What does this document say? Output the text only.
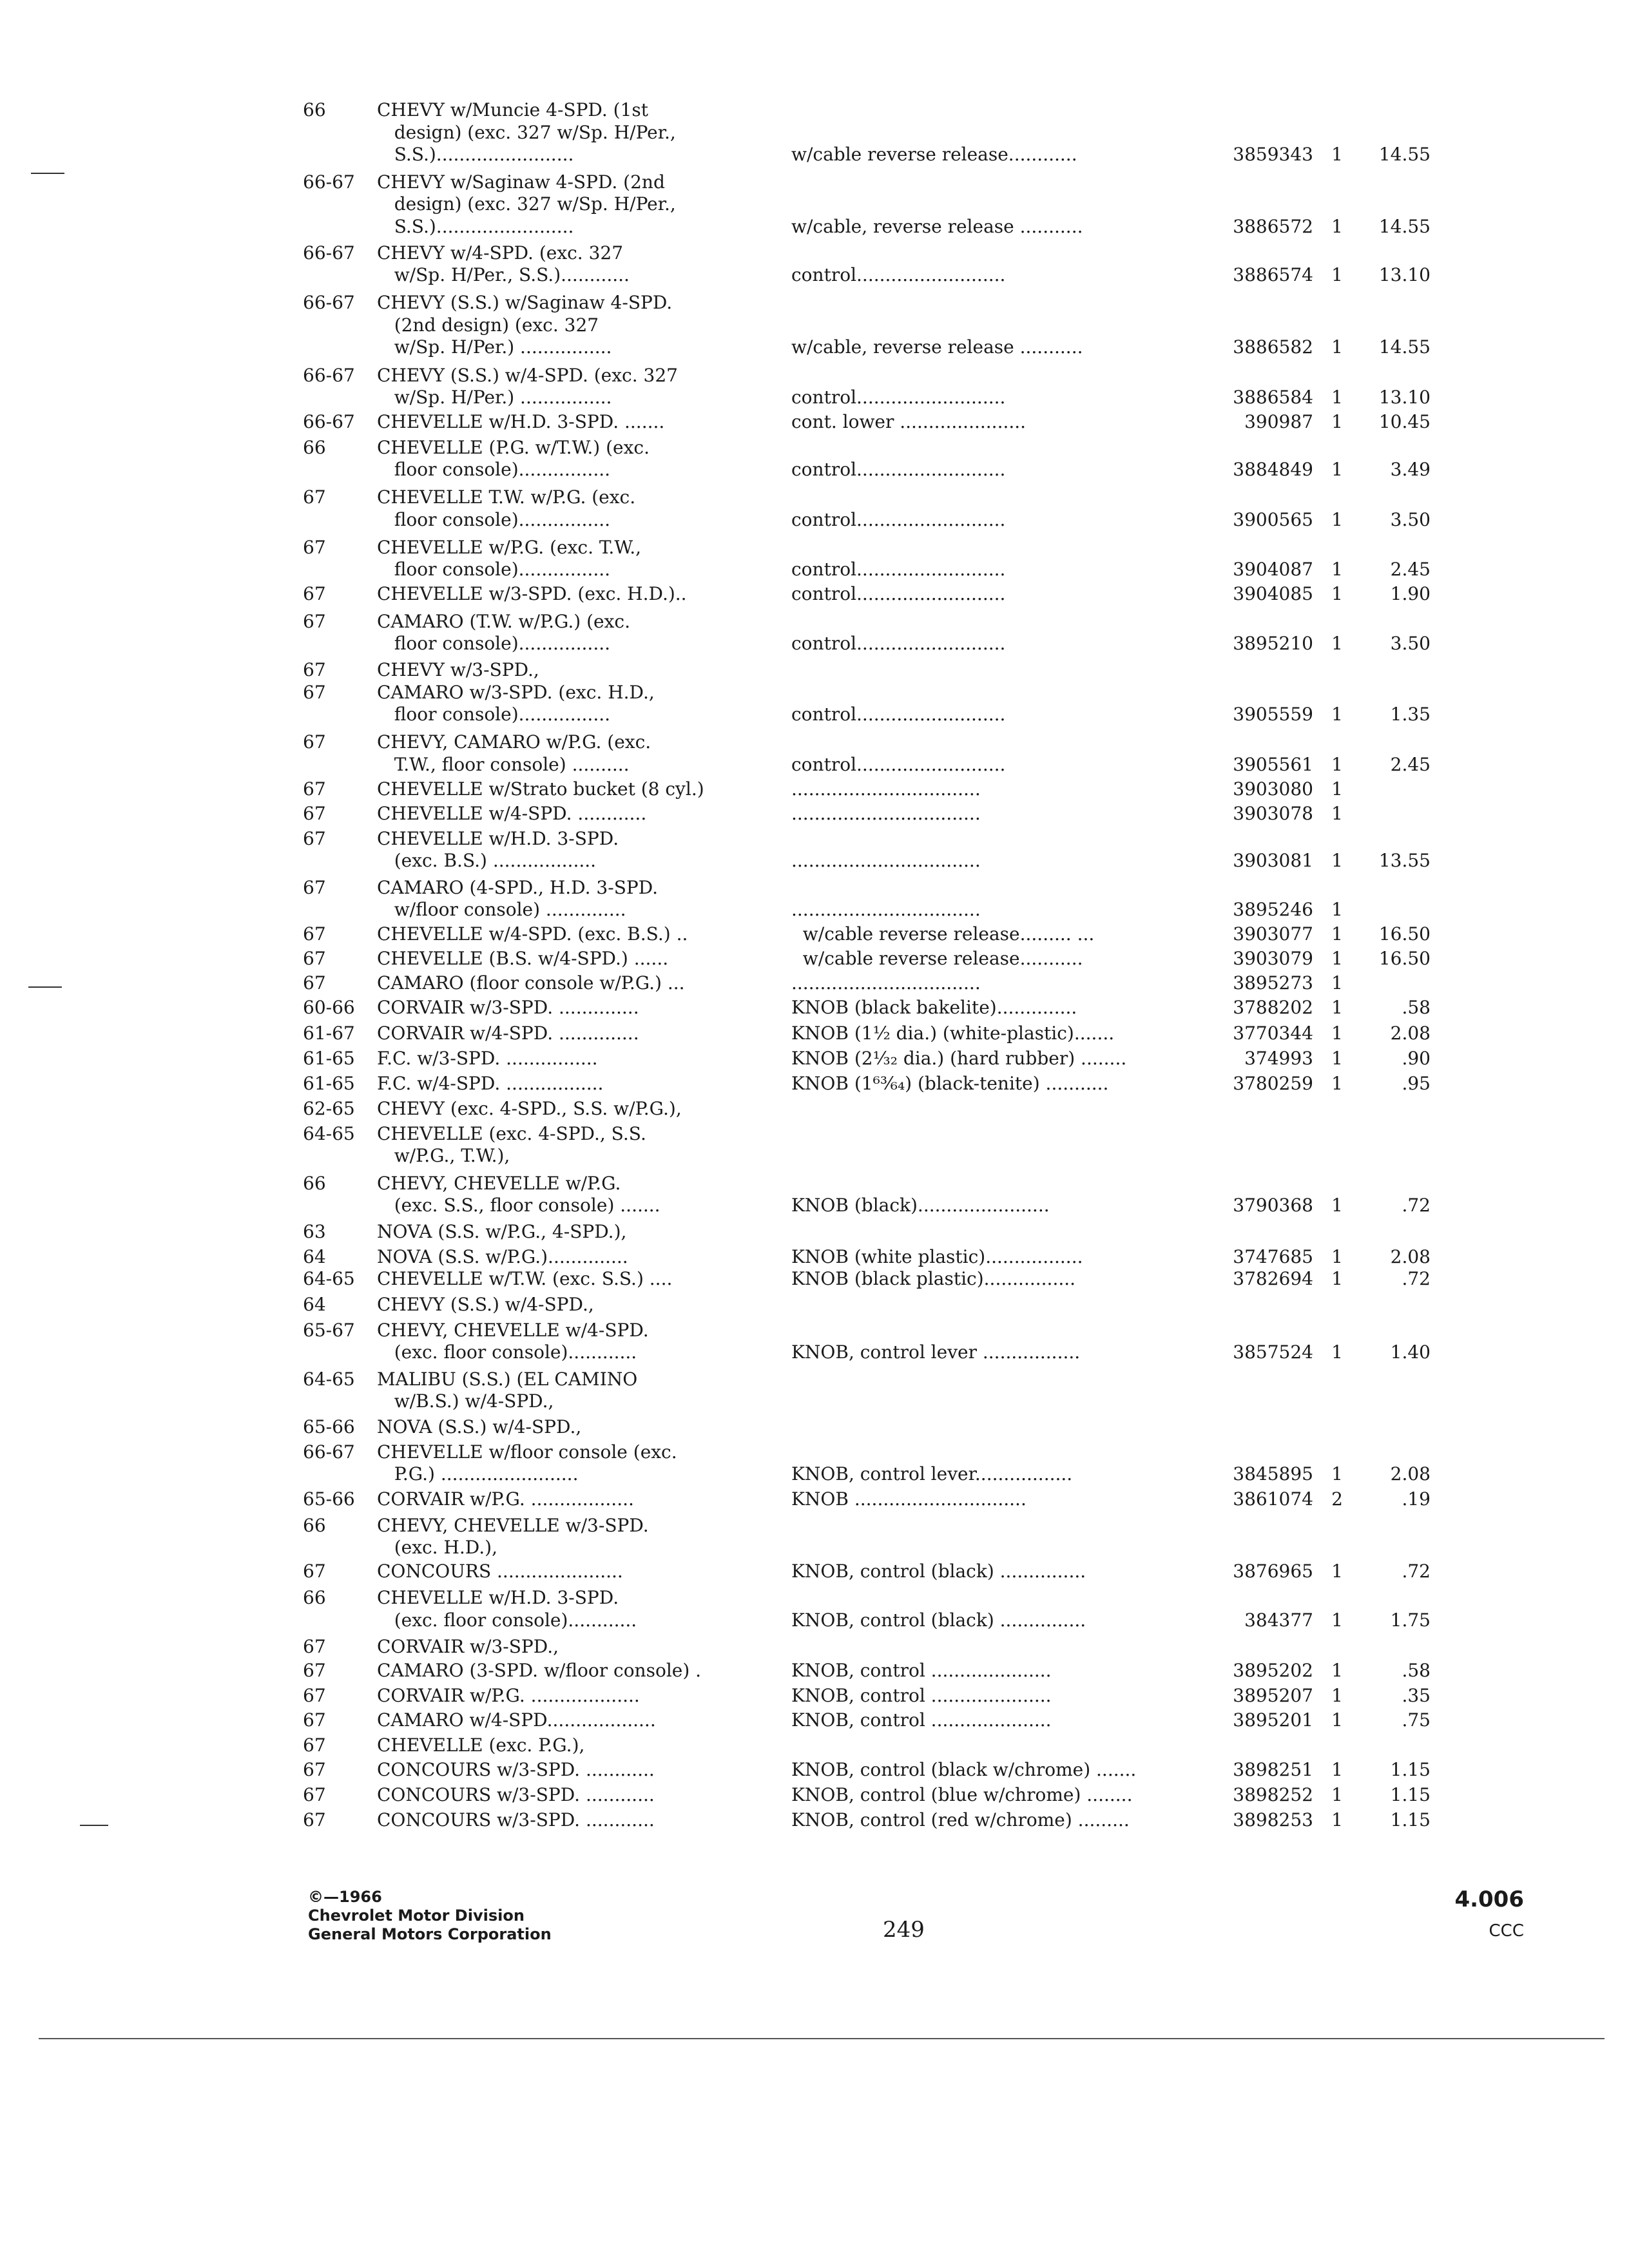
66	CHEVY w/Muncie 4-SPD. (1st
design) (exc. 327 w/Sp. H/Per.,
S.S.)........................	w/cable reverse release............	3859343	1	14.55
66-67	CHEVY w/Saginaw 4-SPD. (2nd
design) (exc. 327 w/Sp. H/Per.,
S.S.)........................	w/cable, reverse release ...........	3886572	1	14.55
66-67	CHEVY w/4-SPD. (exc. 327
w/Sp. H/Per., S.S.)............	control..........................	3886574	1	13.10
66-67	CHEVY (S.S.) w/Saginaw 4-SPD.
(2nd design) (exc. 327
w/Sp. H/Per.) ................	w/cable, reverse release ...........	3886582	1	14.55
66-67	CHEVY (S.S.) w/4-SPD. (exc. 327
w/Sp. H/Per.) ................	control..........................	3886584	1	13.10
66-67	CHEVELLE w/H.D. 3-SPD. .......	cont. lower ......................	390987	1	10.45
66	CHEVELLE (P.G. w/T.W.) (exc.
floor console)................	control..........................	3884849	1	3.49
67	CHEVELLE T.W. w/P.G. (exc.
floor console)................	control..........................	3900565	1	3.50
67	CHEVELLE w/P.G. (exc. T.W.,
floor console)................	control..........................	3904087	1	2.45
67	CHEVELLE w/3-SPD. (exc. H.D.)..	control..........................	3904085	1	1.90
67	CAMARO (T.W. w/P.G.) (exc.
floor console)................	control..........................	3895210	1	3.50
67	CHEVY w/3-SPD.,
67	CAMARO w/3-SPD. (exc. H.D.,
floor console)................	control..........................	3905559	1	1.35
67	CHEVY, CAMARO w/P.G. (exc.
T.W., floor console) ..........	control..........................	3905561	1	2.45
67	CHEVELLE w/Strato bucket (8 cyl.)	.................................	3903080	1
67	CHEVELLE w/4-SPD. ............	.................................	3903078	1
67	CHEVELLE w/H.D. 3-SPD.
(exc. B.S.) ..................	.................................	3903081	1	13.55
67	CAMARO (4-SPD., H.D. 3-SPD.
w/floor console) ..............	.................................	3895246	1
67	CHEVELLE w/4-SPD. (exc. B.S.) ..	w/cable reverse release......... ...	3903077	1	16.50
67	CHEVELLE (B.S. w/4-SPD.) ......	w/cable reverse release...........	3903079	1	16.50
67	CAMARO (floor console w/P.G.) ...	.................................	3895273	1
60-66	CORVAIR w/3-SPD. ..............	KNOB (black bakelite)..............	3788202	1	.58
61-67	CORVAIR w/4-SPD. ..............	KNOB (1½ dia.) (white-plastic).......	3770344	1	2.08
61-65	F.C. w/3-SPD. ................	KNOB (2¹⁄₃₂ dia.) (hard rubber) ........	374993	1	.90
61-65	F.C. w/4-SPD. .................	KNOB (1⁶³⁄₆₄) (black-tenite) ...........	3780259	1	.95
62-65	CHEVY (exc. 4-SPD., S.S. w/P.G.),
64-65	CHEVELLE (exc. 4-SPD., S.S.
w/P.G., T.W.),
66	CHEVY, CHEVELLE w/P.G.
(exc. S.S., floor console) .......	KNOB (black).......................	3790368	1	.72
63	NOVA (S.S. w/P.G., 4-SPD.),
64	NOVA (S.S. w/P.G.)..............	KNOB (white plastic).................	3747685	1	2.08
64-65	CHEVELLE w/T.W. (exc. S.S.) ....	KNOB (black plastic)................	3782694	1	.72
64	CHEVY (S.S.) w/4-SPD.,
65-67	CHEVY, CHEVELLE w/4-SPD.
(exc. floor console)............	KNOB, control lever .................	3857524	1	1.40
64-65	MALIBU (S.S.) (EL CAMINO
w/B.S.) w/4-SPD.,
65-66	NOVA (S.S.) w/4-SPD.,
66-67	CHEVELLE w/floor console (exc.
P.G.) ........................	KNOB, control lever.................	3845895	1	2.08
65-66	CORVAIR w/P.G. ..................	KNOB ..............................	3861074	2	.19
66	CHEVY, CHEVELLE w/3-SPD.
(exc. H.D.),
67	CONCOURS ......................	KNOB, control (black) ...............	3876965	1	.72
66	CHEVELLE w/H.D. 3-SPD.
(exc. floor console)............	KNOB, control (black) ...............	384377	1	1.75
67	CORVAIR w/3-SPD.,
67	CAMARO (3-SPD. w/floor console) .	KNOB, control .....................	3895202	1	.58
67	CORVAIR w/P.G. ...................	KNOB, control .....................	3895207	1	.35
67	CAMARO w/4-SPD...................	KNOB, control .....................	3895201	1	.75
67	CHEVELLE (exc. P.G.),
67	CONCOURS w/3-SPD. ............	KNOB, control (black w/chrome) .......	3898251	1	1.15
67	CONCOURS w/3-SPD. ............	KNOB, control (blue w/chrome) ........	3898252	1	1.15
67	CONCOURS w/3-SPD. ............	KNOB, control (red w/chrome) .........	3898253	1	1.15
©—1966
Chevrolet Motor Division
General Motors Corporation	249
4.006
CCC
